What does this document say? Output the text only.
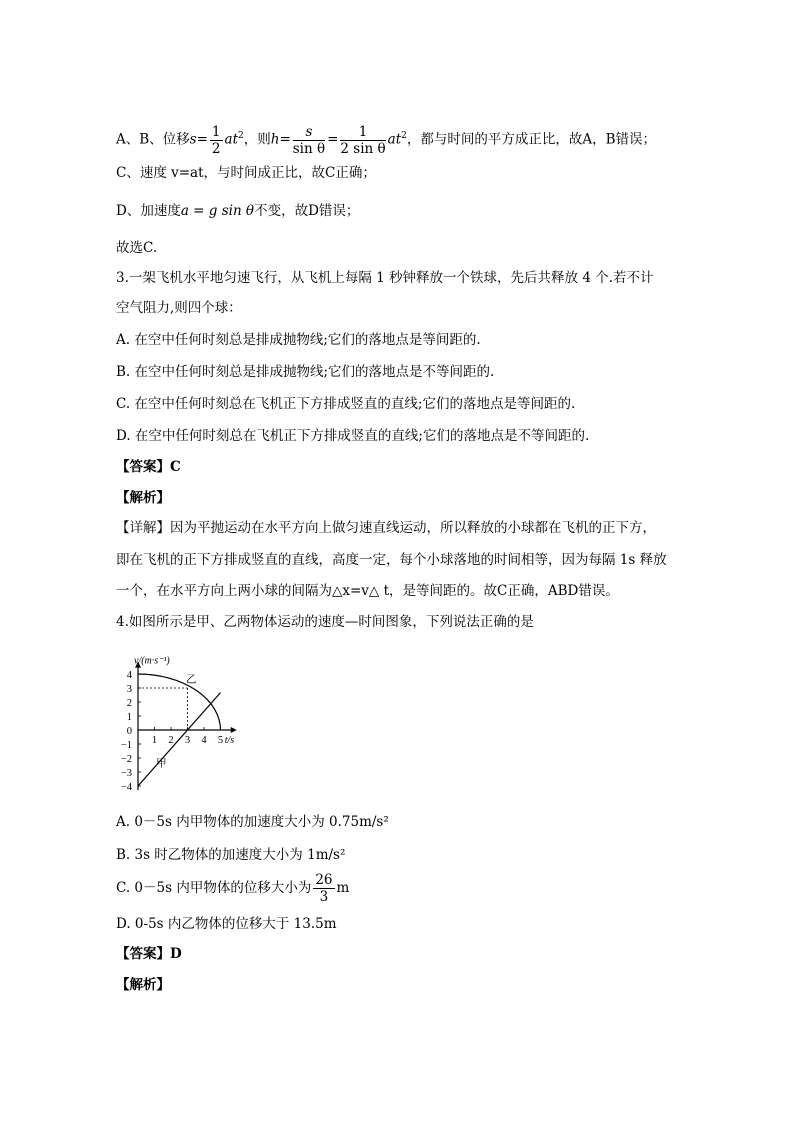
A、B、位移$s= \frac{1}{2} at^2$，则$h= \frac{s}{\text{sin θ}} = \frac{1}{\text{2 sin θ}} at^2$，都与时间的平方成正比，故A，B错误；
C、速度 v=at，与时间成正比，故C正确；
D、加速度a = g sin θ不变，故D错误；
故选C.
3.一架飞机水平地匀速飞行，从飞机上每隔 1 秒钟释放一个铁球，先后共释放 4 个.若不计
空气阻力,则四个球：
A. 在空中任何时刻总是排成抛物线;它们的落地点是等间距的.
B. 在空中任何时刻总是排成抛物线;它们的落地点是不等间距的.
C. 在空中任何时刻总在飞机正下方排成竖直的直线;它们的落地点是等间距的.
D. 在空中任何时刻总在飞机正下方排成竖直的直线;它们的落地点是不等间距的.
【答案】C
【解析】
【详解】因为平抛运动在水平方向上做匀速直线运动，所以释放的小球都在飞机的正下方，
即在飞机的正下方排成竖直的直线，高度一定，每个小球落地的时间相等，因为每隔 1s 释放
一个，在水平方向上两小球的间隔为△x=v△ t，是等间距的。故C正确，ABD错误。
4.如图所示是甲、乙两物体运动的速度—时间图象，下列说法正确的是
v/(m·s⁻¹)
t/s
4
3
2
1
0
−1
−2
−3
−4
1 2 3 4 5
甲
乙
A. 0－5s 内甲物体的加速度大小为 0.75m/s²
B. 3s 时乙物体的加速度大小为 1m/s²
C. 0－5s 内甲物体的位移大小为 $\frac{26}{3}$ m
D. 0-5s 内乙物体的位移大于 13.5m
【答案】D
【解析】
